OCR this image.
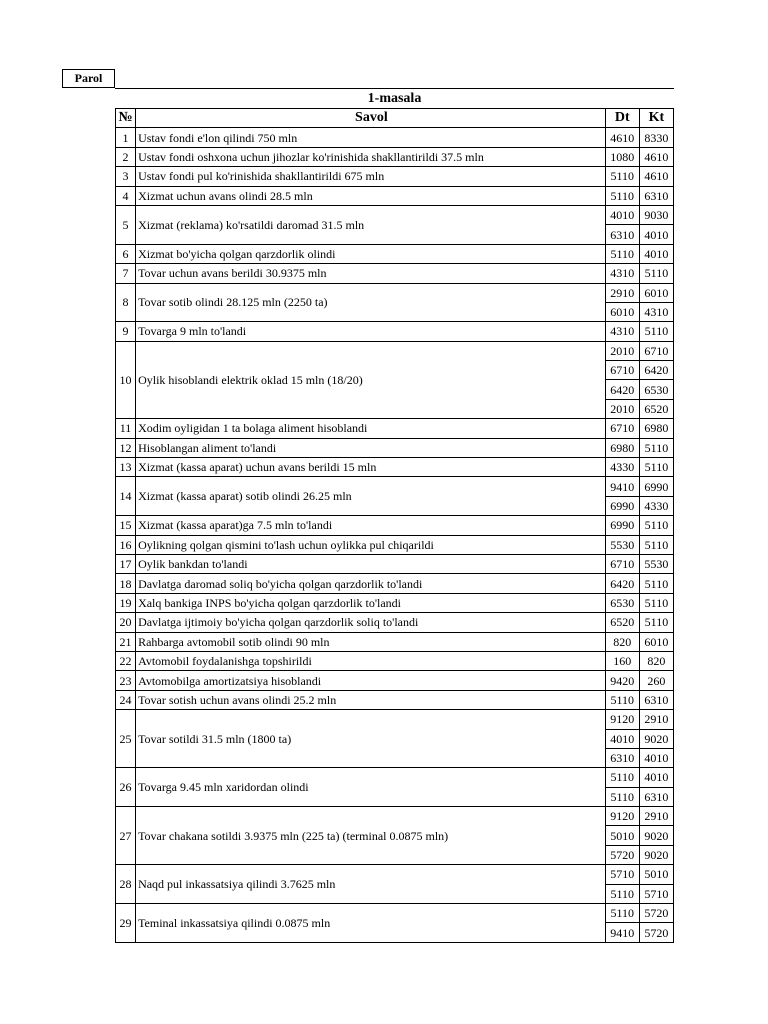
Parol
1-masala
№	Savol	Dt	Kt
1	Ustav fondi e'lon qilindi 750 mln	4610	8330
2	Ustav fondi oshxona uchun jihozlar ko'rinishida shakllantirildi 37.5 mln	1080	4610
3	Ustav fondi pul ko'rinishida shakllantirildi 675 mln	5110	4610
4	Xizmat uchun avans olindi 28.5 mln	5110	6310
5	Xizmat (reklama) ko'rsatildi daromad 31.5 mln	4010	9030
		6310	4010
6	Xizmat bo'yicha qolgan qarzdorlik olindi	5110	4010
7	Tovar uchun avans berildi 30.9375 mln	4310	5110
8	Tovar sotib olindi 28.125 mln (2250 ta)	2910	6010
		6010	4310
9	Tovarga 9 mln to'landi	4310	5110
10	Oylik hisoblandi elektrik oklad 15 mln (18/20)	2010	6710
		6710	6420
		6420	6530
		2010	6520
11	Xodim oyligidan 1 ta bolaga aliment hisoblandi	6710	6980
12	Hisoblangan aliment to'landi	6980	5110
13	Xizmat (kassa aparat) uchun avans berildi 15 mln	4330	5110
14	Xizmat (kassa aparat) sotib olindi 26.25 mln	9410	6990
		6990	4330
15	Xizmat (kassa aparat)ga 7.5 mln to'landi	6990	5110
16	Oylikning qolgan qismini to'lash uchun oylikka pul chiqarildi	5530	5110
17	Oylik bankdan to'landi	6710	5530
18	Davlatga daromad soliq bo'yicha qolgan qarzdorlik to'landi	6420	5110
19	Xalq bankiga INPS bo'yicha qolgan qarzdorlik to'landi	6530	5110
20	Davlatga ijtimoiy bo'yicha qolgan qarzdorlik soliq to'landi	6520	5110
21	Rahbarga avtomobil sotib olindi 90 mln	820	6010
22	Avtomobil foydalanishga topshirildi	160	820
23	Avtomobilga amortizatsiya hisoblandi	9420	260
24	Tovar sotish uchun avans olindi 25.2 mln	5110	6310
25	Tovar sotildi 31.5 mln (1800 ta)	9120	2910
		4010	9020
		6310	4010
26	Tovarga 9.45 mln xaridordan olindi	5110	4010
		5110	6310
27	Tovar chakana sotildi 3.9375 mln (225 ta) (terminal 0.0875 mln)	9120	2910
		5010	9020
		5720	9020
28	Naqd pul inkassatsiya qilindi 3.7625 mln	5710	5010
		5110	5710
29	Teminal inkassatsiya qilindi 0.0875 mln	5110	5720
		9410	5720
